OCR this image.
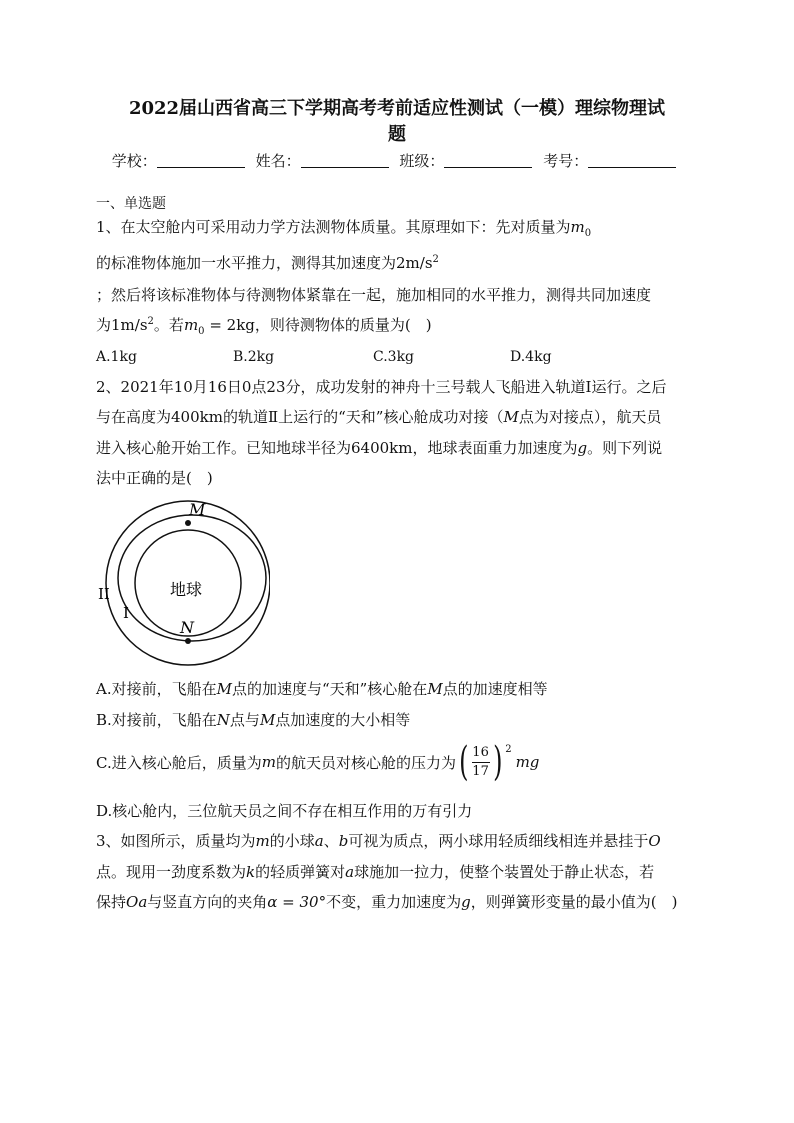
2022届山西省高三下学期高考考前适应性测试（一模）理综物理试
题
学校：	姓名：	班级：	考号：
一、单选题
1、在太空舱内可采用动力学方法测物体质量。其原理如下：先对质量为$m_0$
的标准物体施加一水平推力，测得其加速度为$2m/s^2$
；然后将该标准物体与待测物体紧靠在一起，施加相同的水平推力，测得共同加速度
为$1m/s^2$。若$m_0 = 2kg$，则待测物体的质量为(　)
A.1kg	B.2kg	C.3kg	D.4kg
2、2021年10月16日0点23分，成功发射的神舟十三号载人飞船进入轨道Ⅰ运行。之后
与在高度为400km的轨道Ⅱ上运行的“天和”核心舱成功对接（M点为对接点），航天员
进入核心舱开始工作。已知地球半径为6400km，地球表面重力加速度为g。则下列说
法中正确的是(　)
M
N
地球
II
I
A.对接前，飞船在M点的加速度与“天和”核心舱在M点的加速度相等
B.对接前，飞船在N点与M点加速度的大小相等
C.进入核心舱后，质量为 m 的航天员对核心舱的压力为 ( 16
17 ) $^2$
mg
D.核心舱内，三位航天员之间不存在相互作用的万有引力
3、如图所示，质量均为m的小球a、b可视为质点，两小球用轻质细线相连并悬挂于O
点。现用一劲度系数为k的轻质弹簧对a球施加一拉力，使整个装置处于静止状态，若
保持Oa与竖直方向的夹角α = 30°不变，重力加速度为g，则弹簧形变量的最小值为(　)
